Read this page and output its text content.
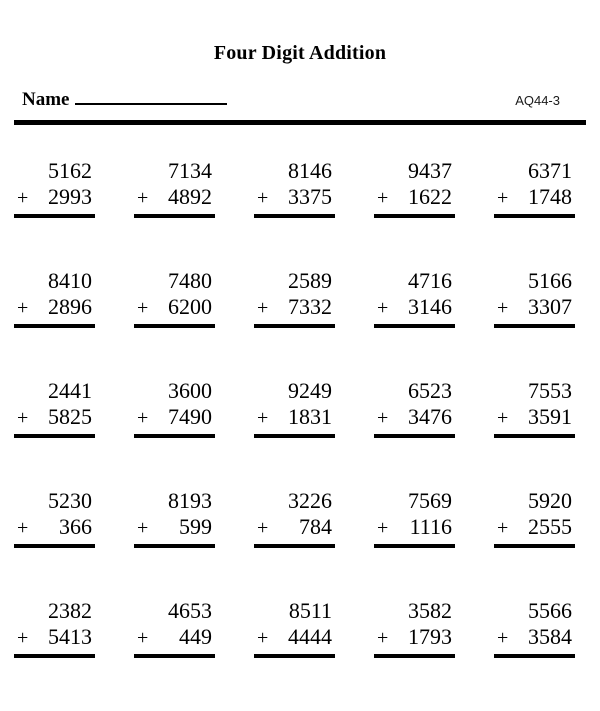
Four Digit Addition
Name	AQ44-3
5162
+ 2993
7134
+ 4892
8146
+ 3375
9437
+ 1622
6371
+ 1748
8410
+ 2896
7480
+ 6200
2589
+ 7332
4716
+ 3146
5166
+ 3307
2441
+ 5825
3600
+ 7490
9249
+ 1831
6523
+ 3476
7553
+ 3591
5230
+ 366
8193
+ 599
3226
+ 784
7569
+ 1116
5920
+ 2555
2382
+ 5413
4653
+ 449
8511
+ 4444
3582
+ 1793
5566
+ 3584
